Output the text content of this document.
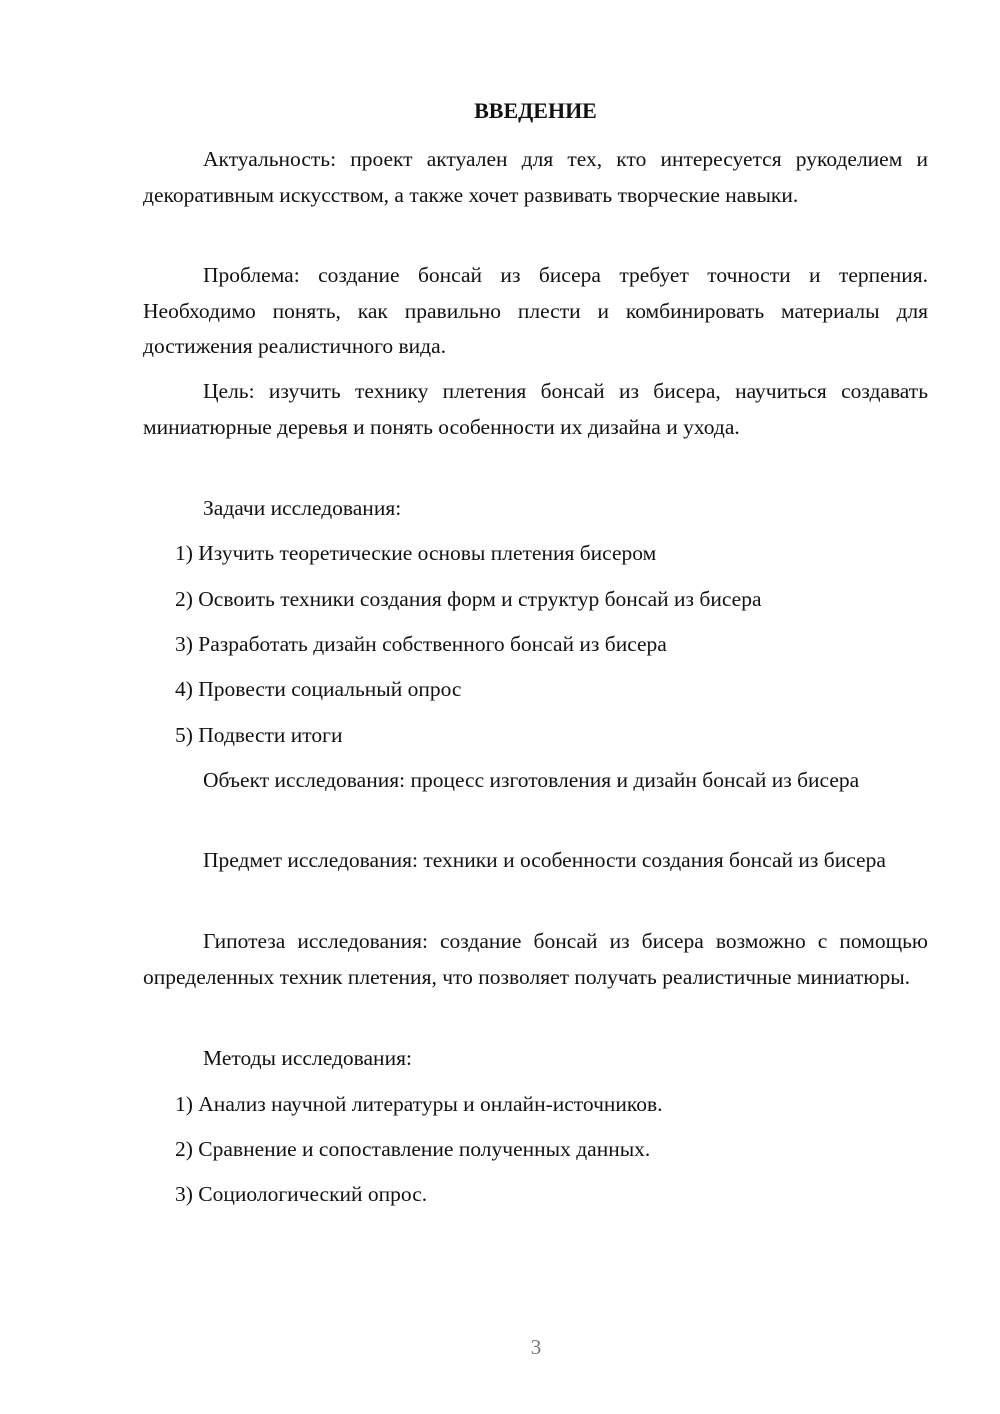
ВВЕДЕНИЕ
Актуальность: проект актуален для тех, кто интересуется рукоделием и декоративным искусством, а также хочет развивать творческие навыки.
Проблема: создание бонсай из бисера требует точности и терпения. Необходимо понять, как правильно плести и комбинировать материалы для достижения реалистичного вида.
Цель: изучить технику плетения бонсай из бисера, научиться создавать миниатюрные деревья и понять особенности их дизайна и ухода.
Задачи исследования:
1) Изучить теоретические основы плетения бисером
2) Освоить техники создания форм и структур бонсай из бисера
3) Разработать дизайн собственного бонсай из бисера
4) Провести социальный опрос
5) Подвести итоги
Объект исследования: процесс изготовления и дизайн бонсай из бисера
Предмет исследования: техники и особенности создания бонсай из бисера
Гипотеза исследования: создание бонсай из бисера возможно с помощью определенных техник плетения, что позволяет получать реалистичные миниатюры.
Методы исследования:
1) Анализ научной литературы и онлайн-источников.
2) Сравнение и сопоставление полученных данных.
3) Социологический опрос.
3
